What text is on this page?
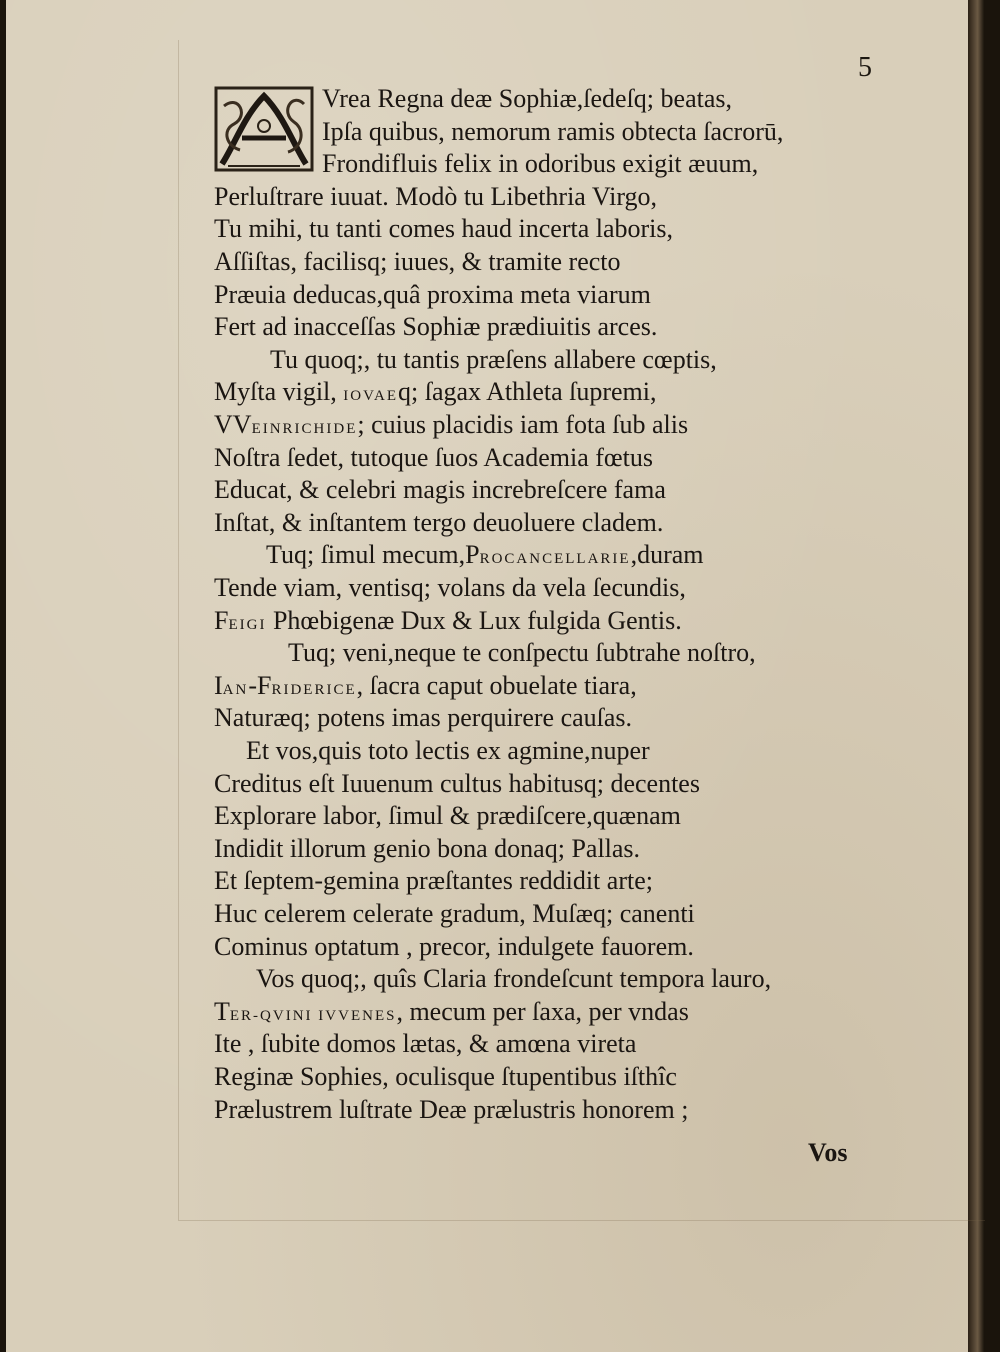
5

Vrea Regna deæ Sophiæ,ſedeſq; beatas,

Ipſa quibus, nemorum ramis obtecta ſacrorū,

Frondifluis felix in odoribus exigit æuum,

Perluſtrare iuuat. Modò tu Libethria Virgo,

Tu mihi, tu tanti comes haud incerta laboris,

Aſſiſtas, facilisq; iuues, & tramite recto

Præuia deducas,quâ proxima meta viarum

Fert ad inacceſſas Sophiæ prædiuitis arces.

Tu quoq;, tu tantis præſens allabere cœptis,

Myſta vigil, IOVAEq; ſagax Athleta ſupremi,

VVEINRICHIDE; cuius placidis iam fota ſub alis

Noſtra ſedet, tutoque ſuos Academia fœtus

Educat, & celebri magis increbreſcere fama

Inſtat, & inſtantem tergo deuoluere cladem.

Tuq; ſimul mecum,PROCANCELLARIE,duram

Tende viam, ventisq; volans da vela ſecundis,

FEIGI Phœbigenæ Dux & Lux fulgida Gentis.

Tuq; veni,neque te conſpectu ſubtrahe noſtro,

IAN-FRIDERICE, ſacra caput obuelate tiara,

Naturæq; potens imas perquirere cauſas.

Et vos,quis toto lectis ex agmine,nuper

Creditus eſt Iuuenum cultus habitusq; decentes

Explorare labor, ſimul & prædiſcere,quænam

Indidit illorum genio bona donaq; Pallas.

Et ſeptem-gemina præſtantes reddidit arte;

Huc celerem celerate gradum, Muſæq; canenti

Cominus optatum , precor, indulgete fauorem.

Vos quoq;, quîs Claria frondeſcunt tempora lauro,

TER-QVINI IVVENES, mecum per ſaxa, per vndas

Ite , ſubite domos lætas, & amœna vireta

Reginæ Sophies, oculisque ſtupentibus iſthîc

Prælustrem luſtrate Deæ prælustris honorem ;

Vos
